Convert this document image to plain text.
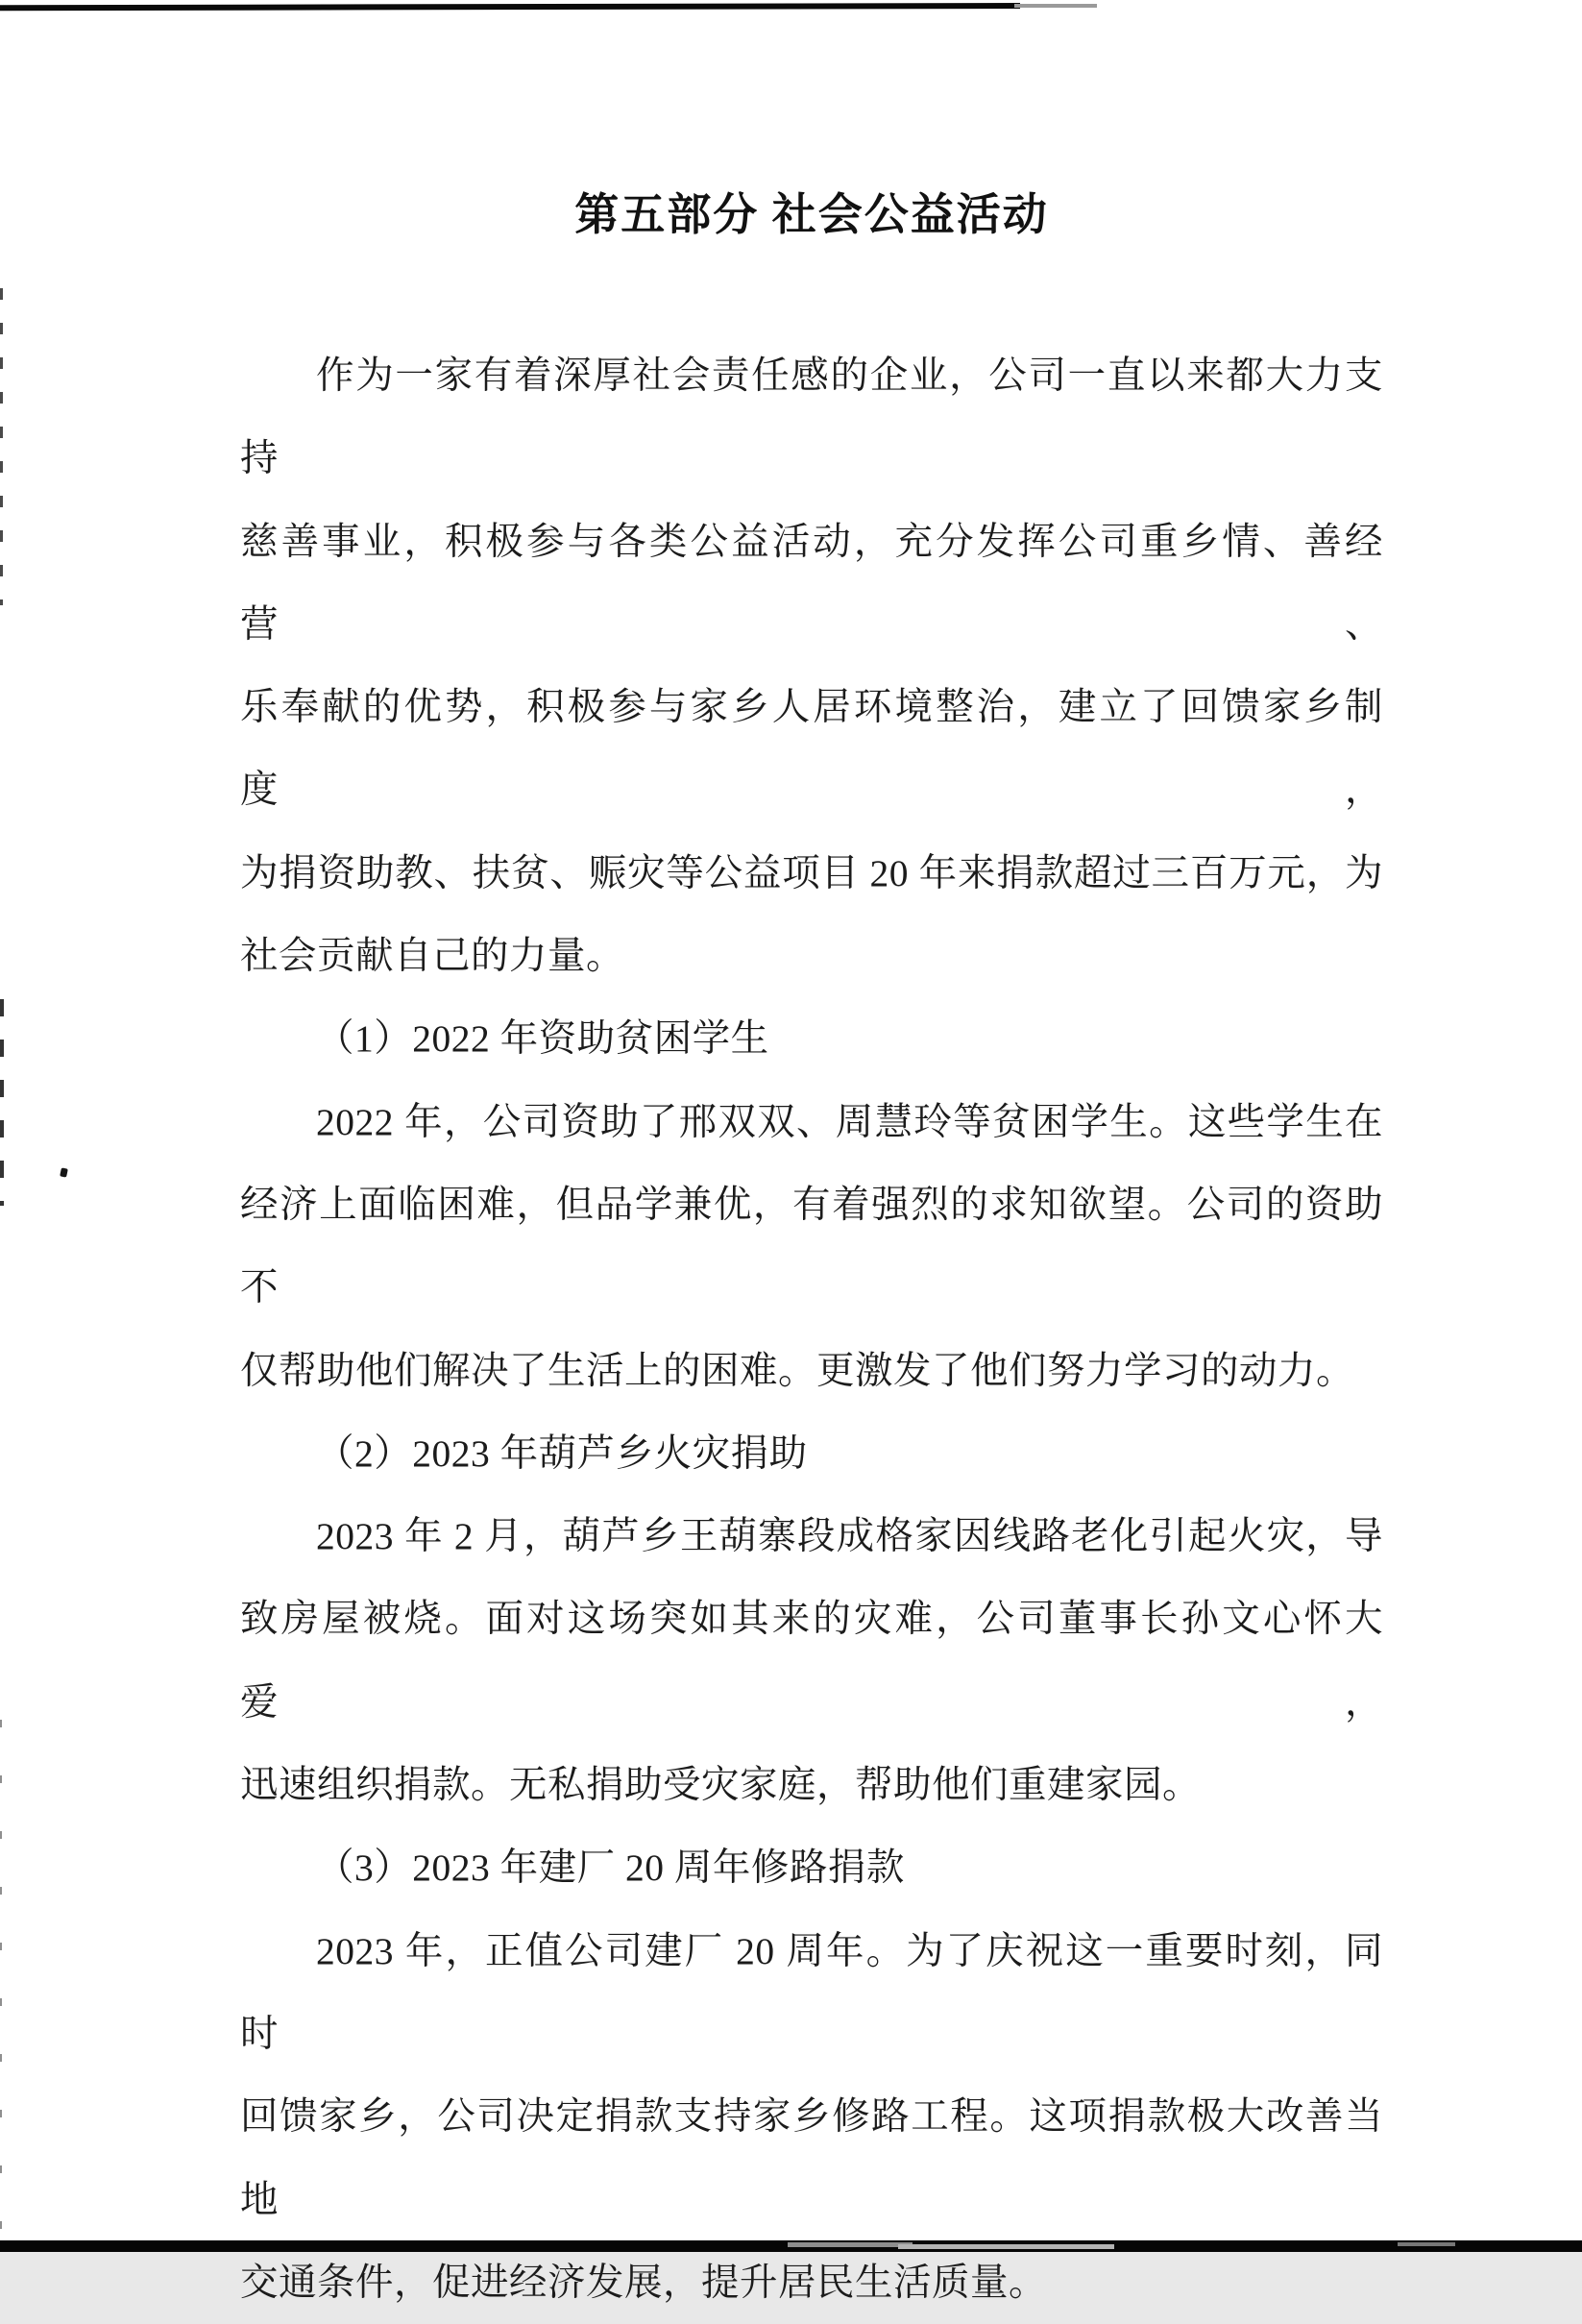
第五部分 社会公益活动
作为一家有着深厚社会责任感的企业，公司一直以来都大力支持
慈善事业，积极参与各类公益活动，充分发挥公司重乡情、善经营、
乐奉献的优势，积极参与家乡人居环境整治，建立了回馈家乡制度，
为捐资助教、扶贫、赈灾等公益项目 20 年来捐款超过三百万元，为
社会贡献自己的力量。
（1）2022 年资助贫困学生
2022 年，公司资助了邢双双、周慧玲等贫困学生。这些学生在
经济上面临困难，但品学兼优，有着强烈的求知欲望。公司的资助不
仅帮助他们解决了生活上的困难。更激发了他们努力学习的动力。
（2）2023 年葫芦乡火灾捐助
2023 年 2 月，葫芦乡王葫寨段成格家因线路老化引起火灾，导
致房屋被烧。面对这场突如其来的灾难，公司董事长孙文心怀大爱，
迅速组织捐款。无私捐助受灾家庭，帮助他们重建家园。
（3）2023 年建厂 20 周年修路捐款
2023 年，正值公司建厂 20 周年。为了庆祝这一重要时刻，同时
回馈家乡，公司决定捐款支持家乡修路工程。这项捐款极大改善当地
交通条件，促进经济发展，提升居民生活质量。
